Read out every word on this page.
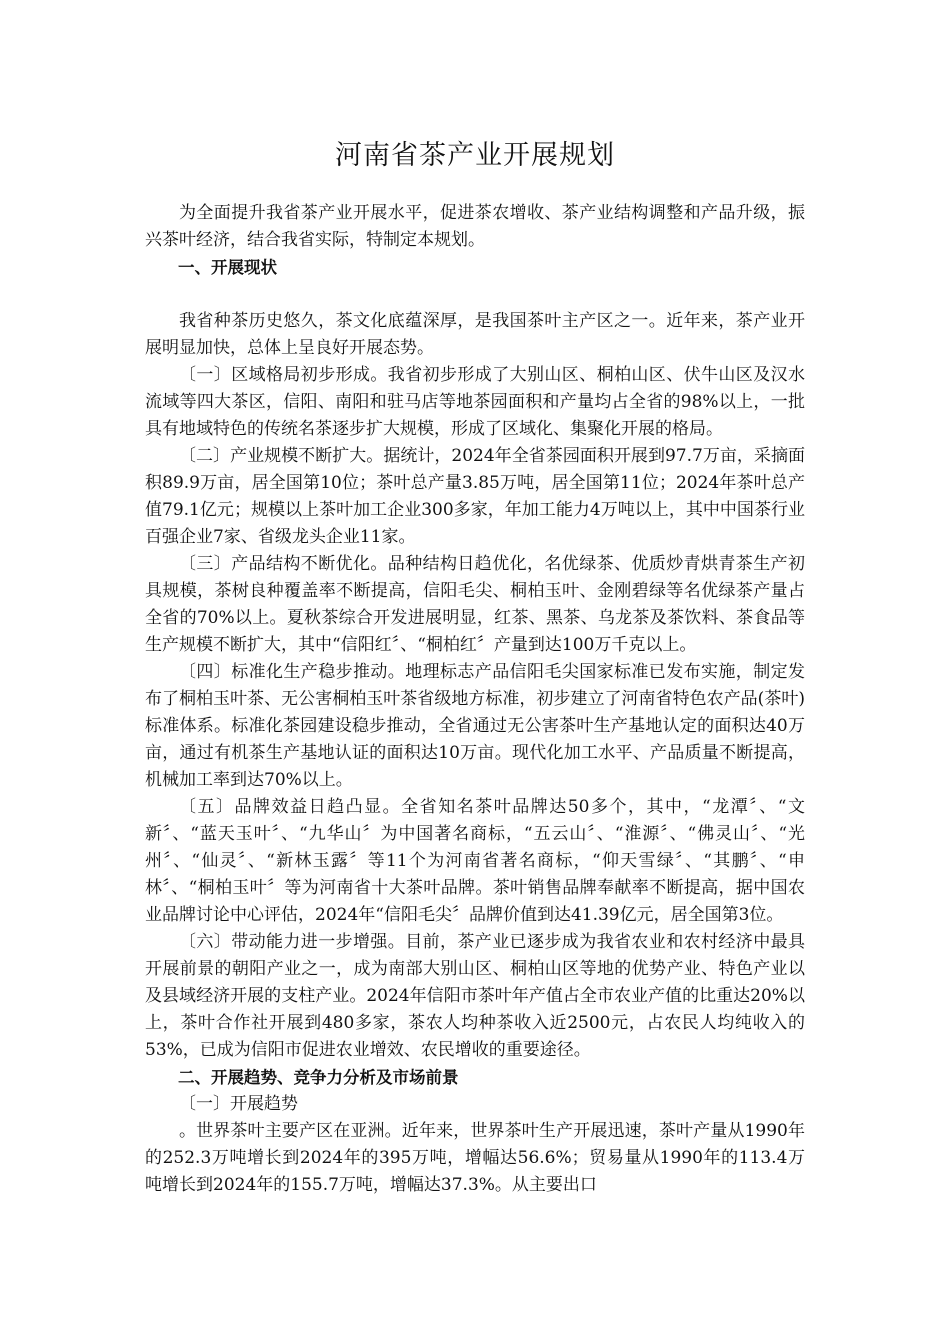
河南省茶产业开展规划

为全面提升我省茶产业开展水平，促进茶农增收、茶产业结构调整和产品升级，振兴茶叶经济，结合我省实际，特制定本规划。

一、开展现状

我省种茶历史悠久，茶文化底蕴深厚，是我国茶叶主产区之一。近年来，茶产业开展明显加快，总体上呈良好开展态势。

〔一〕区域格局初步形成。我省初步形成了大别山区、桐柏山区、伏牛山区及汉水流域等四大茶区，信阳、南阳和驻马店等地茶园面积和产量均占全省的98%以上，一批具有地域特色的传统名茶逐步扩大规模，形成了区域化、集聚化开展的格局。

〔二〕产业规模不断扩大。据统计，2024年全省茶园面积开展到97.7万亩，采摘面积89.9万亩，居全国第10位；茶叶总产量3.85万吨，居全国第11位；2024年茶叶总产值79.1亿元；规模以上茶叶加工企业300多家，年加工能力4万吨以上，其中中国茶行业百强企业7家、省级龙头企业11家。

〔三〕产品结构不断优化。品种结构日趋优化，名优绿茶、优质炒青烘青茶生产初具规模，茶树良种覆盖率不断提高，信阳毛尖、桐柏玉叶、金刚碧绿等名优绿茶产量占全省的70%以上。夏秋茶综合开发进展明显，红茶、黑茶、乌龙茶及茶饮料、茶食品等生产规模不断扩大，其中“信阳红〞、“桐柏红〞产量到达100万千克以上。

〔四〕标准化生产稳步推动。地理标志产品信阳毛尖国家标准已发布实施，制定发布了桐柏玉叶茶、无公害桐柏玉叶茶省级地方标准，初步建立了河南省特色农产品(茶叶)标准体系。标准化茶园建设稳步推动，全省通过无公害茶叶生产基地认定的面积达40万亩，通过有机茶生产基地认证的面积达10万亩。现代化加工水平、产品质量不断提高，机械加工率到达70%以上。

〔五〕品牌效益日趋凸显。全省知名茶叶品牌达50多个，其中，“龙潭〞、“文新〞、“蓝天玉叶〞、“九华山〞为中国著名商标，“五云山〞、“淮源〞、“佛灵山〞、“光州〞、“仙灵〞、“新林玉露〞等11个为河南省著名商标，“仰天雪绿〞、“其鹏〞、“申林〞、“桐柏玉叶〞等为河南省十大茶叶品牌。茶叶销售品牌奉献率不断提高，据中国农业品牌讨论中心评估，2024年“信阳毛尖〞品牌价值到达41.39亿元，居全国第3位。

〔六〕带动能力进一步增强。目前，茶产业已逐步成为我省农业和农村经济中最具开展前景的朝阳产业之一，成为南部大别山区、桐柏山区等地的优势产业、特色产业以及县域经济开展的支柱产业。2024年信阳市茶叶年产值占全市农业产值的比重达20%以上，茶叶合作社开展到480多家，茶农人均种茶收入近2500元，占农民人均纯收入的53%，已成为信阳市促进农业增效、农民增收的重要途径。

二、开展趋势、竞争力分析及市场前景

〔一〕开展趋势

。世界茶叶主要产区在亚洲。近年来，世界茶叶生产开展迅速，茶叶产量从1990年的252.3万吨增长到2024年的395万吨，增幅达56.6%；贸易量从1990年的113.4万吨增长到2024年的155.7万吨，增幅达37.3%。从主要出口
